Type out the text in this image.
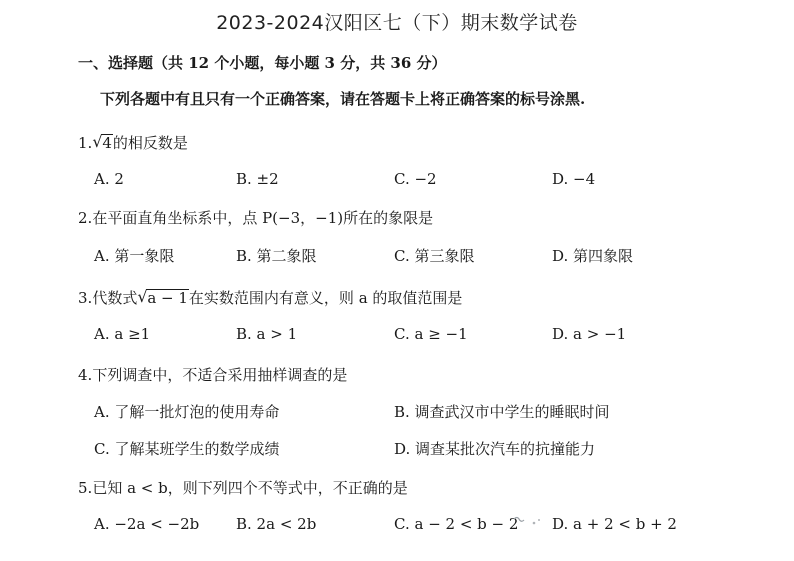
2023-2024汉阳区七（下）期末数学试卷
一、选择题（共 12 个小题，每小题 3 分，共 36 分）
下列各题中有且只有一个正确答案，请在答题卡上将正确答案的标号涂黑.
1. √ 4的相反数是
A. 2	B. ±2	C. −2	D. −4
2.在平面直角坐标系中，点 P(−3，−1)所在的象限是
A. 第一象限	B. 第二象限	C. 第三象限	D. 第四象限
3.代数式 √ a − 1在实数范围内有意义，则 a 的取值范围是
A. a ≥1	B. a > 1	C. a ≥ −1	D. a > −1
4.下列调查中，不适合采用抽样调查的是
A. 了解一批灯泡的使用寿命	B. 调查武汉市中学生的睡眠时间
C. 了解某班学生的数学成绩	D. 调查某批次汽车的抗撞能力
5.已知 a < b，则下列四个不等式中，不正确的是
A. −2a < −2b B. 2a < 2b	C. a − 2 < b − 2 D. a + 2 < b + 2
